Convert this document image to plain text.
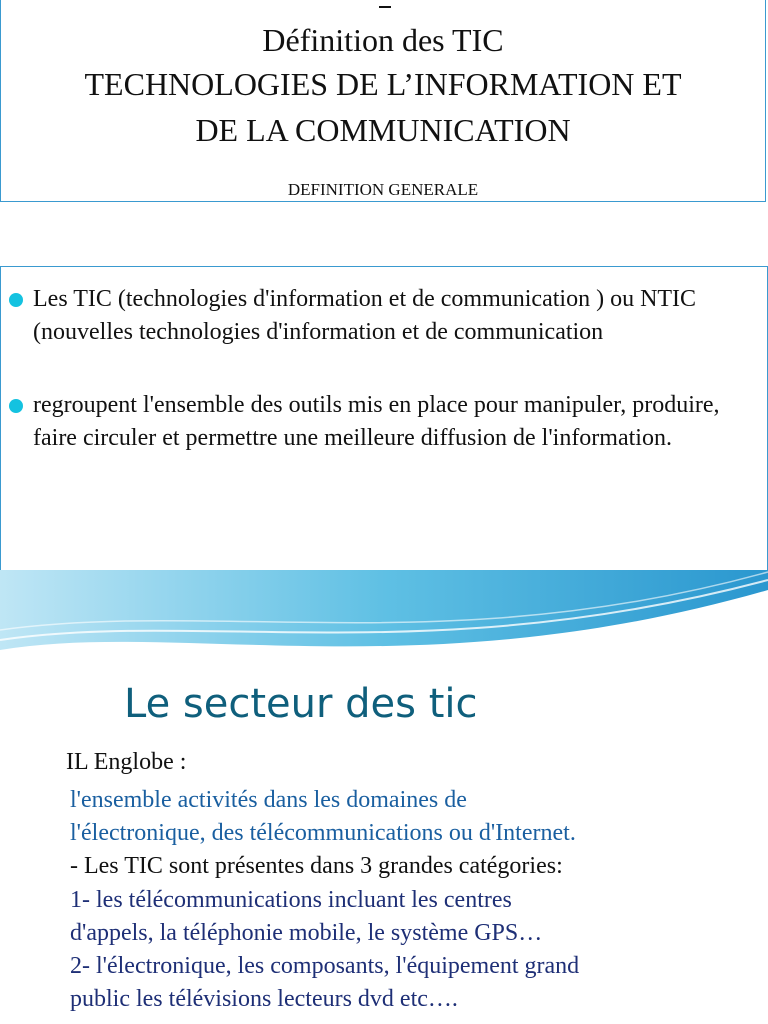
Définition des TIC
TECHNOLOGIES DE L’INFORMATION ET
DE LA COMMUNICATION
DEFINITION GENERALE
Les TIC (technologies d'information et de communication ) ou NTIC (nouvelles technologies d'information et de communication
regroupent l'ensemble des outils mis en place pour manipuler, produire, faire circuler et permettre une meilleure diffusion de l'information.
Le secteur des tic
IL Englobe :
l'ensemble activités dans les domaines de
l'électronique, des télécommunications ou d'Internet.
- Les TIC sont présentes dans 3 grandes catégories:
1- les télécommunications incluant les centres
d'appels, la téléphonie mobile, le système GPS…
2- l'électronique, les composants, l'équipement grand
public les télévisions lecteurs dvd etc….
